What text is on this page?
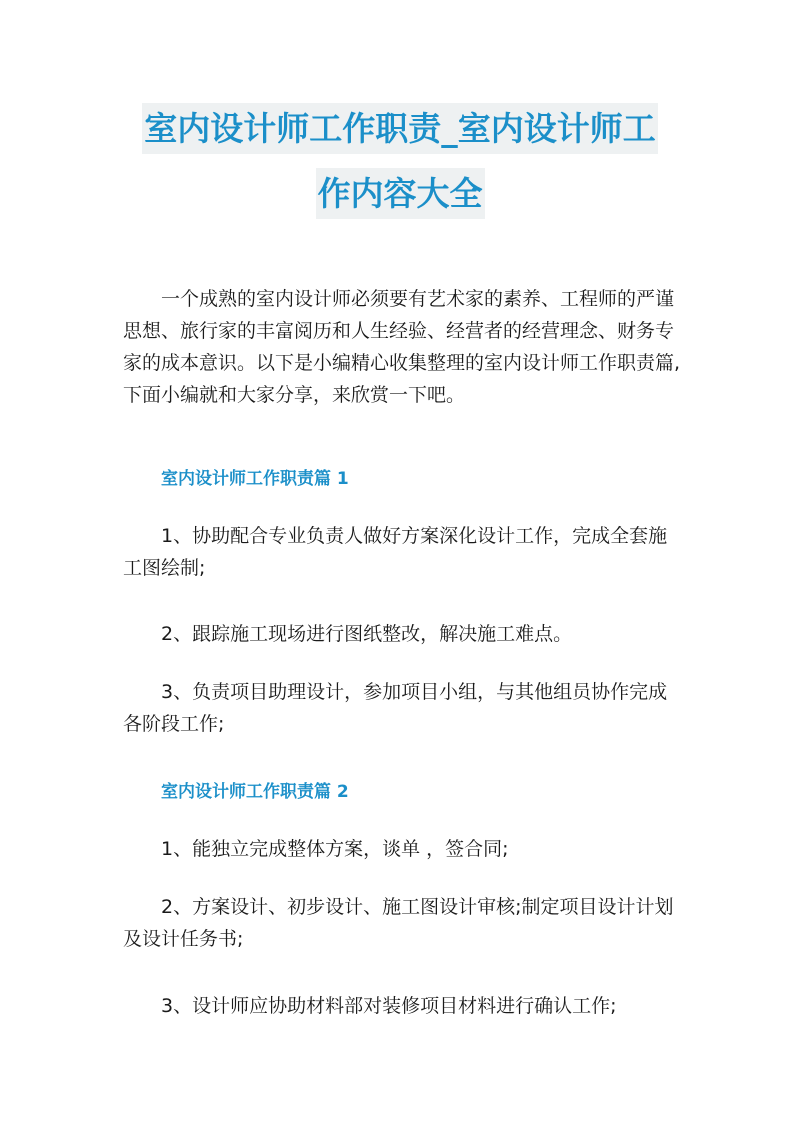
室内设计师工作职责_室内设计师工
作内容大全
一个成熟的室内设计师必须要有艺术家的素养、工程师的严谨思想、旅行家的丰富阅历和人生经验、经营者的经营理念、财务专家的成本意识。以下是小编精心收集整理的室内设计师工作职责篇,下面小编就和大家分享，来欣赏一下吧。
室内设计师工作职责篇 1
1、协助配合专业负责人做好方案深化设计工作，完成全套施工图绘制;
2、跟踪施工现场进行图纸整改，解决施工难点。
3、负责项目助理设计，参加项目小组，与其他组员协作完成各阶段工作;
室内设计师工作职责篇 2
1、能独立完成整体方案，谈单 ，签合同;
2、方案设计、初步设计、施工图设计审核;制定项目设计计划及设计任务书;
3、设计师应协助材料部对装修项目材料进行确认工作;
